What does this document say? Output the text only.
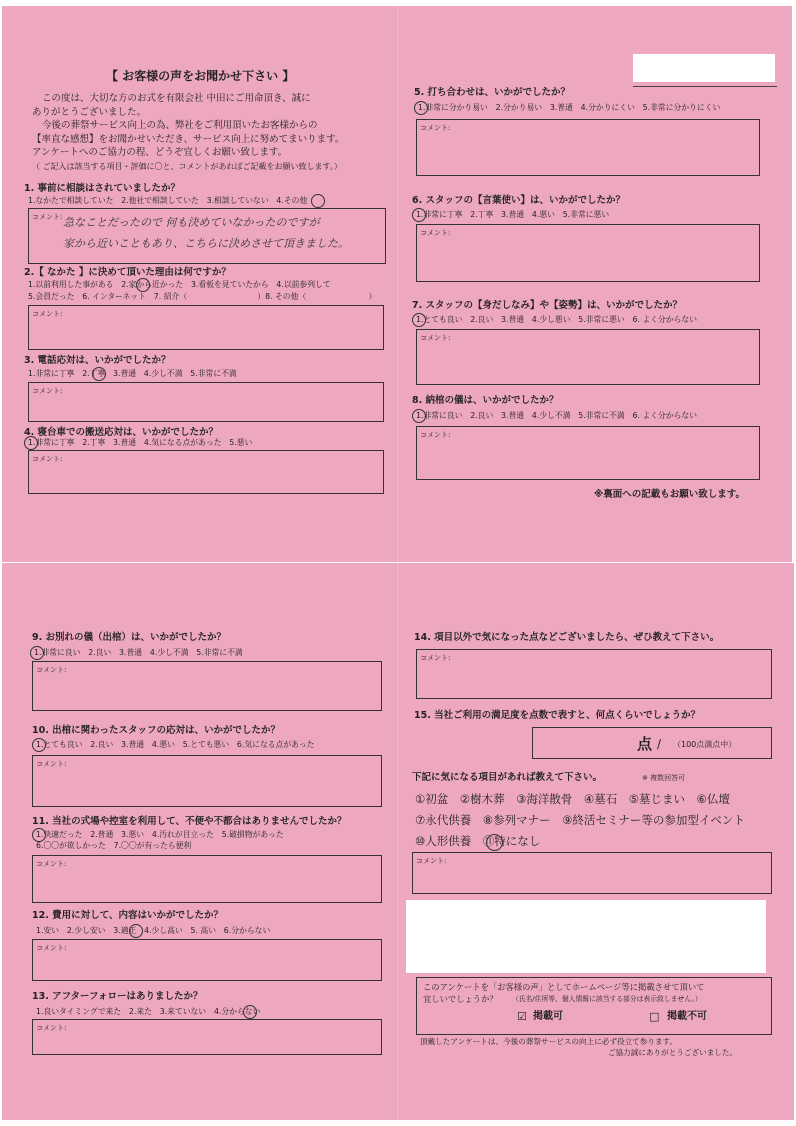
【 お客様の声をお聞かせ下さい 】
この度は、大切な方のお式を有限会社 中田にご用命頂き、誠に
ありがとうございました。
今後の葬祭サービス向上の為、弊社をご利用頂いたお客様からの
【率直な感想】をお聞かせいただき、サービス向上に努めてまいります。
アンケートへのご協力の程、どうぞ宜しくお願い致します。
（ ご記入は該当する項目・評価に〇と、コメントがあればご記載をお願い致します。）
1. 事前に相談はされていましたか？
1.なかたで相談していた　2.他社で相談していた　3.相談していない　4.その他
コメント: 急なことだったので 何も決めていなかったのですが
家から近いこともあり、こちらに決めさせて頂きました。
2.【 なかた 】に決めて頂いた理由は何ですか？
1.以前利用した事がある　2.家から近かった　3.看板を見ていたから　4.以前参列して
5.会員だった　6. インターネット　7. 紹介（　　　　　　　　　）8. その他（　　　　　　　　）
コメント:
3. 電話応対は、いかがでしたか？
1.非常に丁寧　2.丁寧　3.普通　4.少し不満　5.非常に不満
コメント:
4. 寝台車での搬送応対は、いかがでしたか？
1.非常に丁寧　2.丁寧　3.普通　4.気になる点があった　5.悪い
コメント:
5. 打ち合わせは、いかがでしたか？
1.非常に分かり易い　2.分かり易い　3.普通　4.分かりにくい　5.非常に分かりにくい
コメント:
6. スタッフの【言葉使い】は、いかがでしたか？
1.非常に丁寧　2.丁寧　3.普通　4.悪い　5.非常に悪い
コメント:
7. スタッフの【身だしなみ】や【姿勢】は、いかがでしたか？
1.とても良い　2.良い　3.普通　4.少し悪い　5.非常に悪い　6. よく分からない
コメント:
8. 納棺の儀は、いかがでしたか？
1.非常に良い　2.良い　3.普通　4.少し不満　5.非常に不満　6. よく分からない
コメント:
※裏面への記載もお願い致します。
9. お別れの儀（出棺）は、いかがでしたか？
1.非常に良い　2.良い　3.普通　4.少し不満　5.非常に不満
コメント:
10. 出棺に関わったスタッフの応対は、いかがでしたか？
1.とても良い　2.良い　3.普通　4.悪い　5.とても悪い　6.気になる点があった
コメント:
11. 当社の式場や控室を利用して、不便や不都合はありませんでしたか？
1.快適だった　2.普通　3.悪い　4.汚れが目立った　5.破損物があった
6.〇〇が欲しかった　7.〇〇が有ったら便利
コメント:
12. 費用に対して、内容はいかがでしたか？
1.安い　2.少し安い　3.適正　4.少し高い　5. 高い　6.分からない
コメント:
13. アフターフォローはありましたか？
1.良いタイミングで来た　2.来た　3.来ていない　4.分からない
コメント:
14. 項目以外で気になった点などございましたら、ぜひ教えて下さい。
コメント:
15. 当社ご利用の満足度を点数で表すと、何点くらいでしょうか？
点 / （100点満点中）
下記に気になる項目があれば教えて下さい。	※ 複数回答可
①初盆　②樹木葬　③海洋散骨　④墓石　⑤墓じまい　⑥仏壇
⑦永代供養　⑧参列マナー　⑨終活セミナー等の参加型イベント
⑩人形供養　⑪特になし
コメント:
このアンケートを「お客様の声」としてホームページ等に掲載させて頂いて
宜しいでしょうか？ （氏名/住所等、個人情報に該当する部分は表示致しません。）
☑ 掲載可	□ 掲載不可
頂戴したアンケートは、今後の葬祭サービスの向上に必ず役立て参ります。
ご協力誠にありがとうございました。
